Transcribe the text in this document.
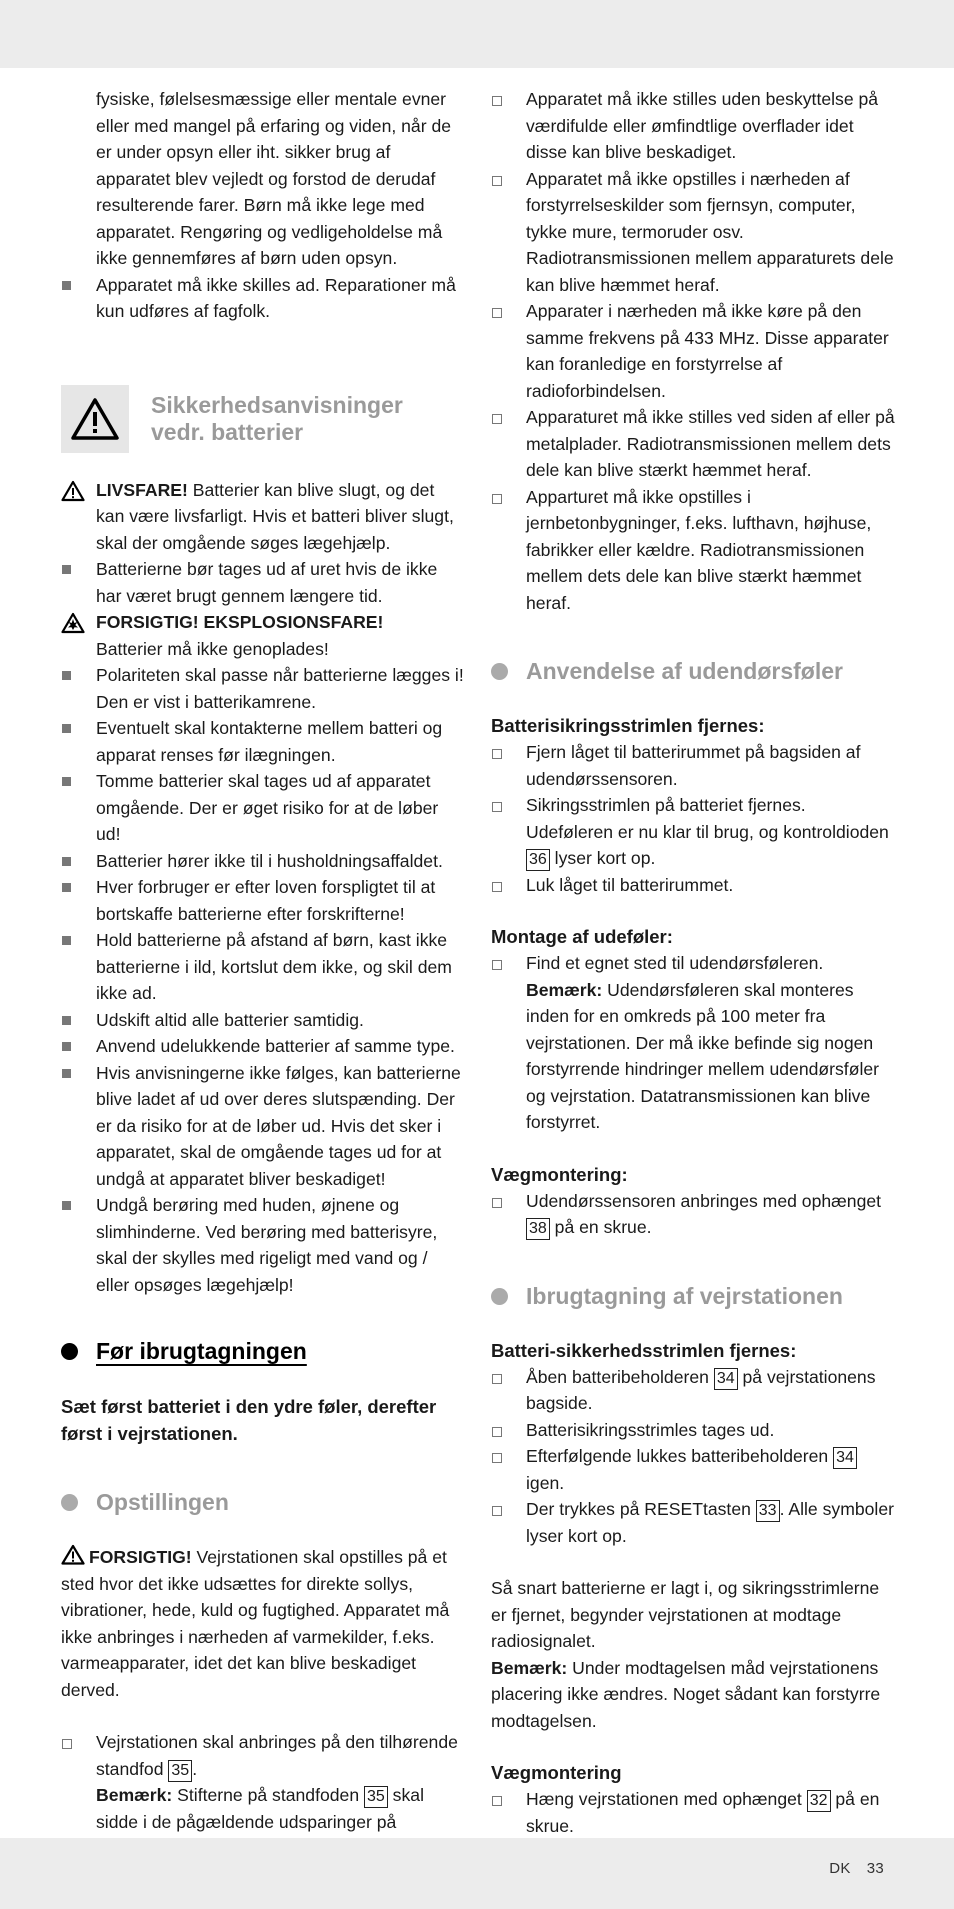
fysiske, følelsesmæssige eller mentale evner eller med mangel på erfaring og viden, når de er under opsyn eller iht. sikker brug af apparatet blev vejledt og forstod de derudaf resulterende farer. Børn må ikke lege med apparatet. Rengøring og vedligeholdelse må ikke gennemføres af børn uden opsyn.

Apparatet må ikke skilles ad. Reparationer må kun udføres af fagfolk.
Sikkerhedsanvisninger
vedr. batterier
LIVSFARE! Batterier kan blive slugt, og det kan være livsfarligt. Hvis et batteri bliver slugt, skal der omgående søges lægehjælp.
Batterierne bør tages ud af uret hvis de ikke har været brugt gennem længere tid.
FORSIGTIG! EKSPLOSIONSFARE!
Batterier må ikke genoplades!
Polariteten skal passe når batterierne lægges i! Den er vist i batterikamrene.
Eventuelt skal kontakterne mellem batteri og apparat renses før ilægningen.
Tomme batterier skal tages ud af apparatet omgående. Der er øget risiko for at de løber ud!
Batterier hører ikke til i husholdningsaffaldet.
Hver forbruger er efter loven forspligtet til at bortskaffe batterierne efter forskrifterne!
Hold batterierne på afstand af børn, kast ikke batterierne i ild, kortslut dem ikke, og skil dem ikke ad.
Udskift altid alle batterier samtidig.
Anvend udelukkende batterier af samme type.
Hvis anvisningerne ikke følges, kan batterierne blive ladet af ud over deres slutspænding. Der er da risiko for at de løber ud. Hvis det sker i apparatet, skal de omgående tages ud for at undgå at apparatet bliver beskadiget!
Undgå berøring med huden, øjnene og slimhinderne. Ved berøring med batterisyre, skal der skylles med rigeligt med vand og / eller opsøges lægehjælp!
Før ibrugtagningen

Sæt først batteriet i den ydre føler, derefter først i vejrstationen.

Opstillingen

FORSIGTIG! Vejrstationen skal opstilles på et sted hvor det ikke udsættes for direkte sollys, vibrationer, hede, kuld og fugtighed. Apparatet må ikke anbringes i nærheden af varmekilder, f.eks. varmeapparater, idet det kan blive beskadiget derved.

Vejrstationen skal anbringes på den tilhørende standfod 35 .
Bemærk: Stifterne på standfoden 35 skal sidde i de pågældende udsparinger på
Apparatet må ikke stilles uden beskyttelse på værdifulde eller ømfindtlige overflader idet disse kan blive beskadiget.
Apparatet må ikke opstilles i nærheden af forstyrrelseskilder som fjernsyn, computer, tykke mure, termoruder osv. Radiotransmissionen mellem apparaturets dele kan blive hæmmet heraf.
Apparater i nærheden må ikke køre på den samme frekvens på 433 MHz. Disse apparater kan foranledige en forstyrrelse af radioforbindelsen.
Apparaturet må ikke stilles ved siden af eller på metalplader. Radiotransmissionen mellem dets dele kan blive stærkt hæmmet heraf.
Apparturet må ikke opstilles i jernbetonbygninger, f.eks. lufthavn, højhuse, fabrikker eller kældre. Radiotransmissionen mellem dets dele kan blive stærkt hæmmet heraf.
Anvendelse af udendørsføler
Batterisikringsstrimlen fjernes:
Fjern låget til batterirummet på bagsiden af udendørssensoren.
Sikringsstrimlen på batteriet fjernes. Udeføleren er nu klar til brug, og kontroldioden 36 lyser kort op.
Luk låget til batterirummet.
Montage af udeføler:
Find et egnet sted til udendørsføleren.
Bemærk: Udendørsføleren skal monteres inden for en omkreds på 100 meter fra vejrstationen. Der må ikke befinde sig nogen forstyrrende hindringer mellem udendørsføler og vejrstation. Datatransmissionen kan blive forstyrret.
Vægmontering:
Udendørssensoren anbringes med ophænget 38 på en skrue.
Ibrugtagning af vejrstationen
Batteri-sikkerhedsstrimlen fjernes:
Åben batteribeholderen 34 på vejrstationens bagside.
Batterisikringsstrimles tages ud.
Efterfølgende lukkes batteribeholderen 34 igen.
Der trykkes på RESETtasten 33 . Alle symboler lyser kort op.

Så snart batterierne er lagt i, og sikringsstrimlerne er fjernet, begynder vejrstationen at modtage radiosignalet.

Bemærk: Under modtagelsen måd vejrstationens placering ikke ændres. Noget sådant kan forstyrre modtagelsen.

Vægmontering
Hæng vejrstationen med ophænget 32 på en skrue.
DK 33
